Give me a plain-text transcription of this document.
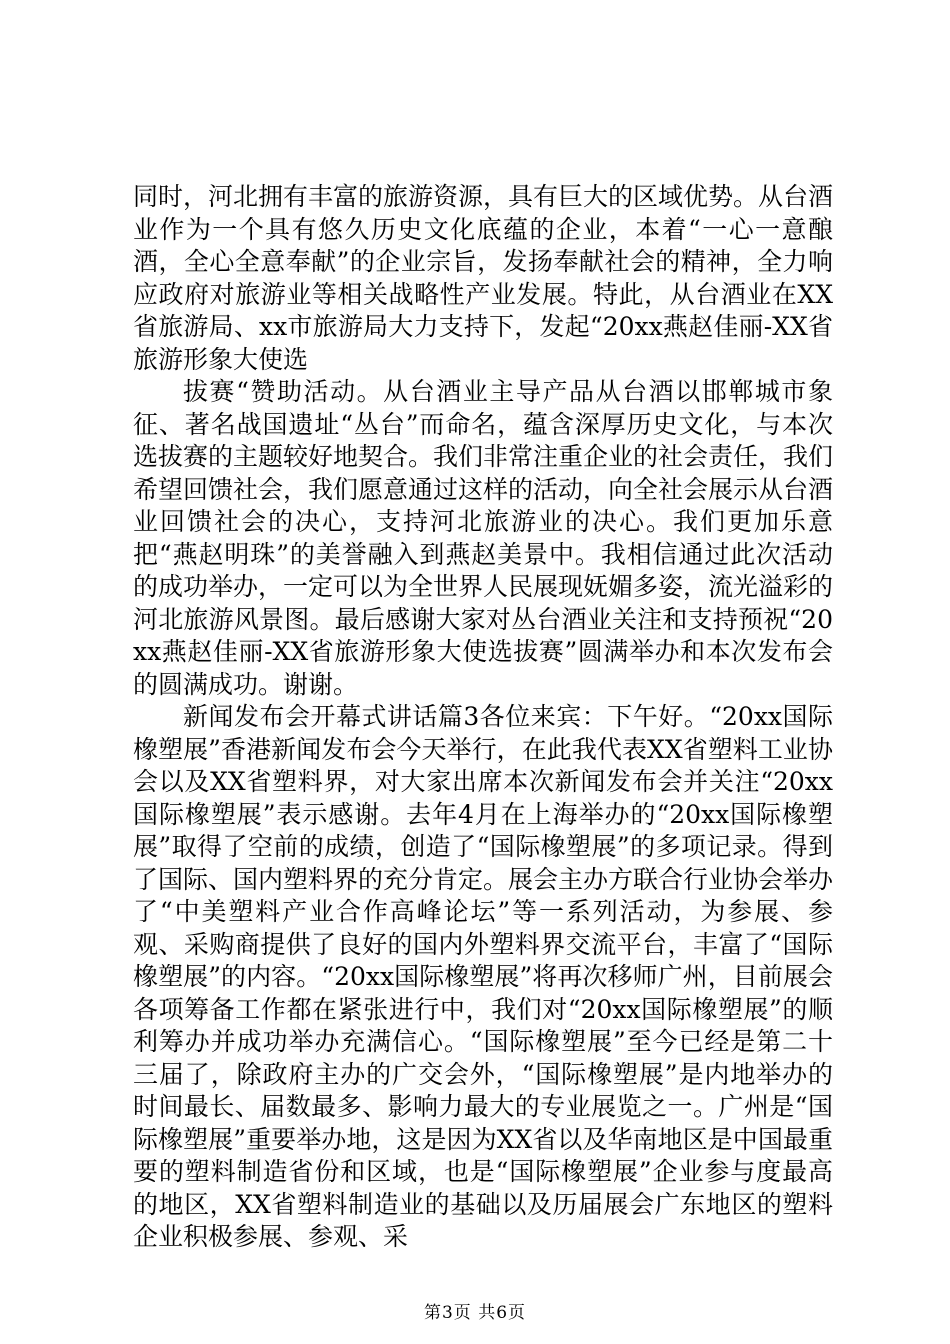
同时，河北拥有丰富的旅游资源，具有巨大的区域优势。从台酒业作为一个具有悠久历史文化底蕴的企业，本着“一心一意酿酒，全心全意奉献”的企业宗旨，发扬奉献社会的精神，全力响应政府对旅游业等相关战略性产业发展。特此，从台酒业在XX省旅游局、xx市旅游局大力支持下，发起“20xx燕赵佳丽-XX省旅游形象大使选

拔赛“赞助活动。从台酒业主导产品从台酒以邯郸城市象征、著名战国遗址“丛台”而命名，蕴含深厚历史文化，与本次选拔赛的主题较好地契合。我们非常注重企业的社会责任，我们希望回馈社会，我们愿意通过这样的活动，向全社会展示从台酒业回馈社会的决心，支持河北旅游业的决心。我们更加乐意把“燕赵明珠”的美誉融入到燕赵美景中。我相信通过此次活动的成功举办，一定可以为全世界人民展现妩媚多姿，流光溢彩的河北旅游风景图。最后感谢大家对丛台酒业关注和支持预祝“20xx燕赵佳丽-XX省旅游形象大使选拔赛”圆满举办和本次发布会的圆满成功。谢谢。

新闻发布会开幕式讲话篇3各位来宾：下午好。“20xx国际橡塑展”香港新闻发布会今天举行，在此我代表XX省塑料工业协会以及XX省塑料界，对大家出席本次新闻发布会并关注“20xx国际橡塑展”表示感谢。去年4月在上海举办的“20xx国际橡塑展”取得了空前的成绩，创造了“国际橡塑展”的多项记录。得到了国际、国内塑料界的充分肯定。展会主办方联合行业协会举办了“中美塑料产业合作高峰论坛”等一系列活动，为参展、参观、采购商提供了良好的国内外塑料界交流平台，丰富了“国际橡塑展”的内容。“20xx国际橡塑展”将再次移师广州，目前展会各项筹备工作都在紧张进行中，我们对“20xx国际橡塑展”的顺利筹办并成功举办充满信心。“国际橡塑展”至今已经是第二十三届了，除政府主办的广交会外，“国际橡塑展”是内地举办的时间最长、届数最多、影响力最大的专业展览之一。广州是“国际橡塑展”重要举办地，这是因为XX省以及华南地区是中国最重要的塑料制造省份和区域，也是“国际橡塑展”企业参与度最高的地区，XX省塑料制造业的基础以及历届展会广东地区的塑料企业积极参展、参观、采

第3页 共6页
